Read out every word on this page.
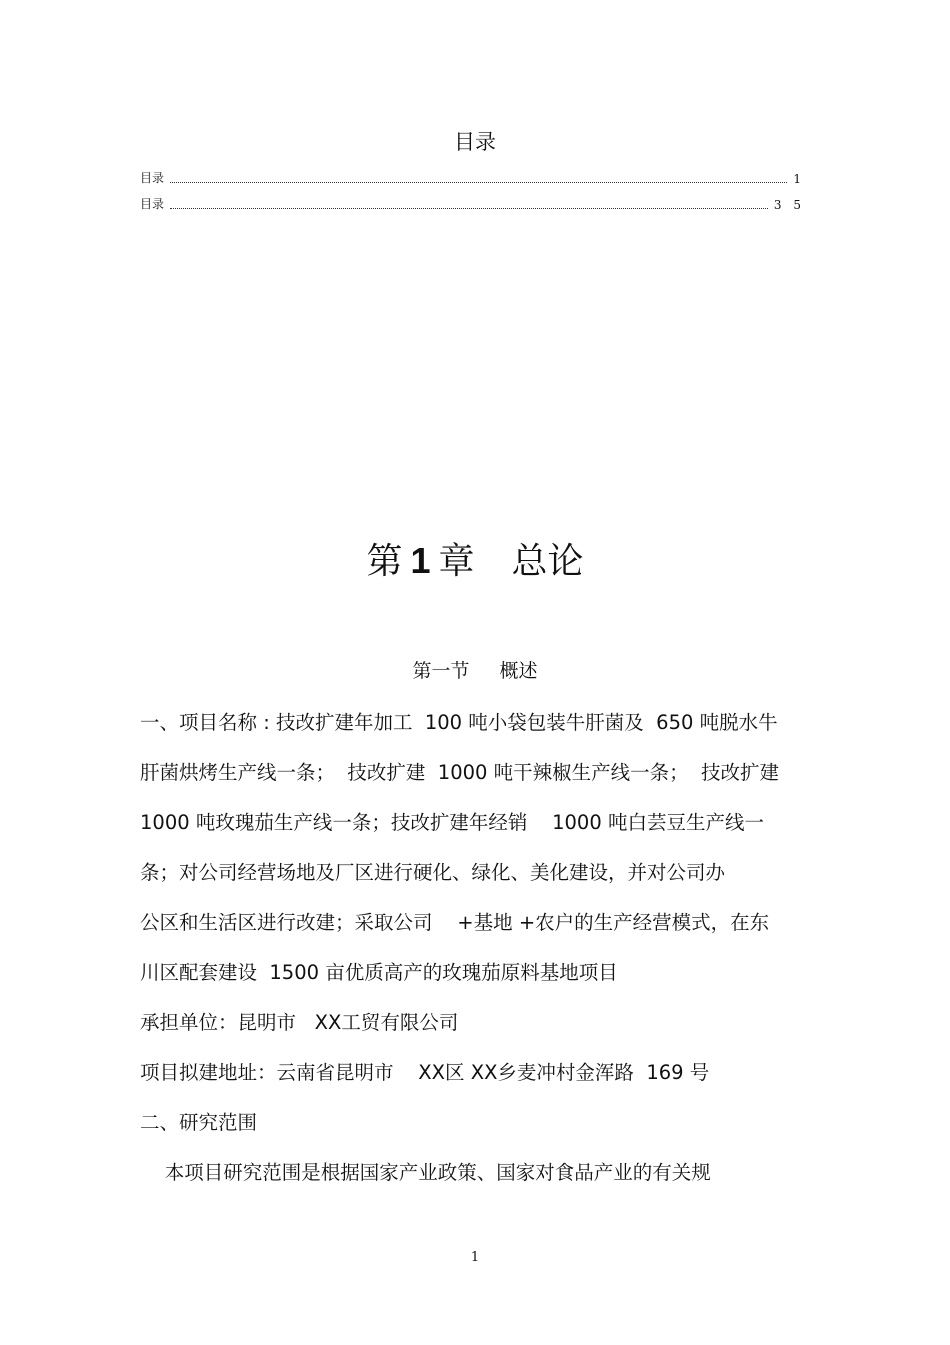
目录
目录	1
目录	3 5
第 1 章 总论
第一节 概述
一、项目名称 : 技改扩建年加工  100 吨小袋包装牛肝菌及  650 吨脱水牛
肝菌烘烤生产线一条；  技改扩建  1000 吨干辣椒生产线一条；  技改扩建
1000 吨玫瑰茄生产线一条；技改扩建年经销    1000 吨白芸豆生产线一
条；对公司经营场地及厂区进行硬化、绿化、美化建设，并对公司办
公区和生活区进行改建；采取公司    +基地 +农户的生产经营模式，在东
川区配套建设  1500 亩优质高产的玫瑰茄原料基地项目
承担单位：昆明市   XX工贸有限公司
项目拟建地址：云南省昆明市    XX区 XX乡麦冲村金浑路  169 号
二、研究范围
本项目研究范围是根据国家产业政策、国家对食品产业的有关规
1
